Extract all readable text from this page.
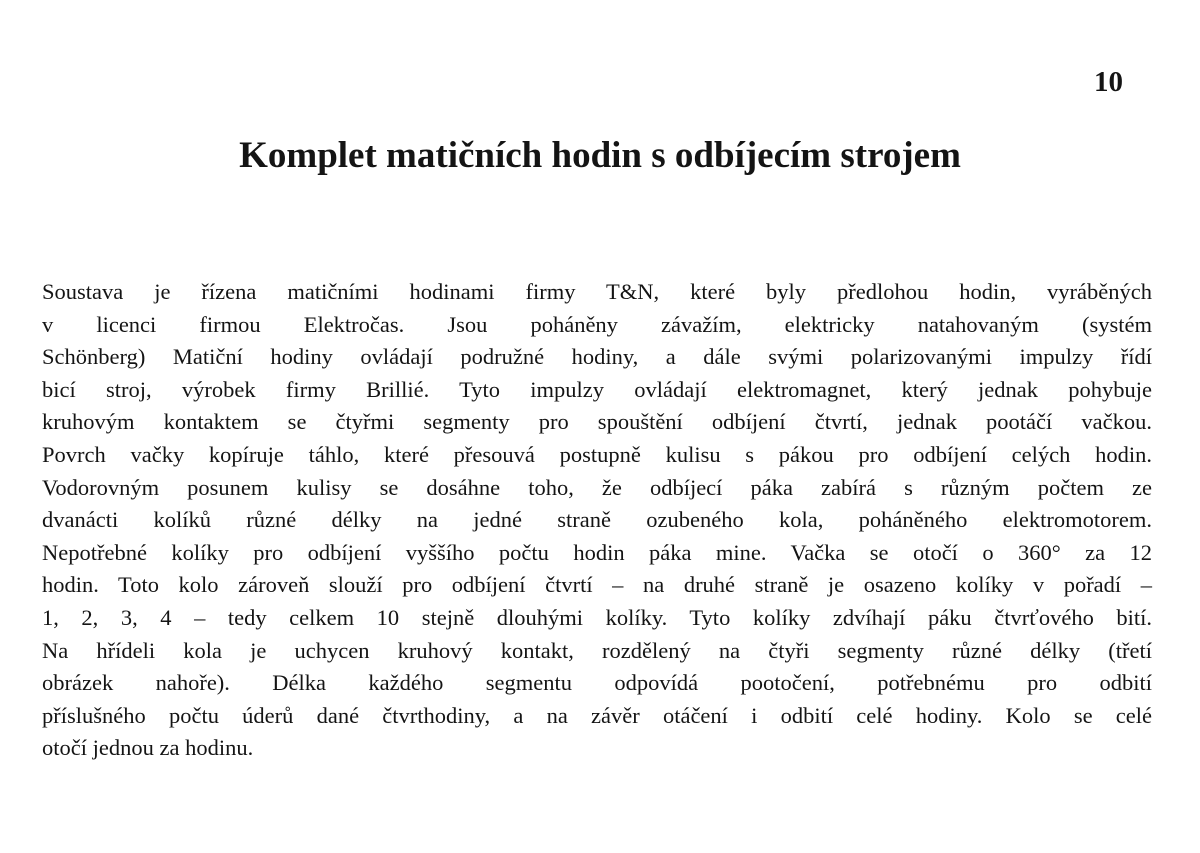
10
Komplet matičních hodin s odbíjecím strojem
Soustava je řízena matičními hodinami firmy T&N, které byly předlohou hodin, vyráběných
v licenci firmou Elektročas. Jsou poháněny závažím, elektricky natahovaným (systém
Schönberg) Matiční hodiny ovládají podružné hodiny, a dále svými polarizovanými impulzy řídí
bicí stroj, výrobek firmy Brillié. Tyto impulzy ovládají elektromagnet, který jednak pohybuje
kruhovým kontaktem se čtyřmi segmenty pro spouštění odbíjení čtvrtí, jednak pootáčí vačkou.
Povrch vačky kopíruje táhlo, které přesouvá postupně kulisu s pákou pro odbíjení celých hodin.
Vodorovným posunem kulisy se dosáhne toho, že odbíjecí páka zabírá s různým počtem ze
dvanácti kolíků různé délky na jedné straně ozubeného kola, poháněného elektromotorem.
Nepotřebné kolíky pro odbíjení vyššího počtu hodin páka mine. Vačka se otočí o 360° za 12
hodin. Toto kolo zároveň slouží pro odbíjení čtvrtí – na druhé straně je osazeno kolíky v pořadí –
1, 2, 3, 4 – tedy celkem 10 stejně dlouhými kolíky. Tyto kolíky zdvíhají páku čtvrťového bití.
Na hřídeli kola je uchycen kruhový kontakt, rozdělený na čtyři segmenty různé délky (třetí
obrázek nahoře). Délka každého segmentu odpovídá pootočení, potřebnému pro odbití
příslušného počtu úderů dané čtvrthodiny, a na závěr otáčení i odbití celé hodiny. Kolo se celé
otočí jednou za hodinu.
